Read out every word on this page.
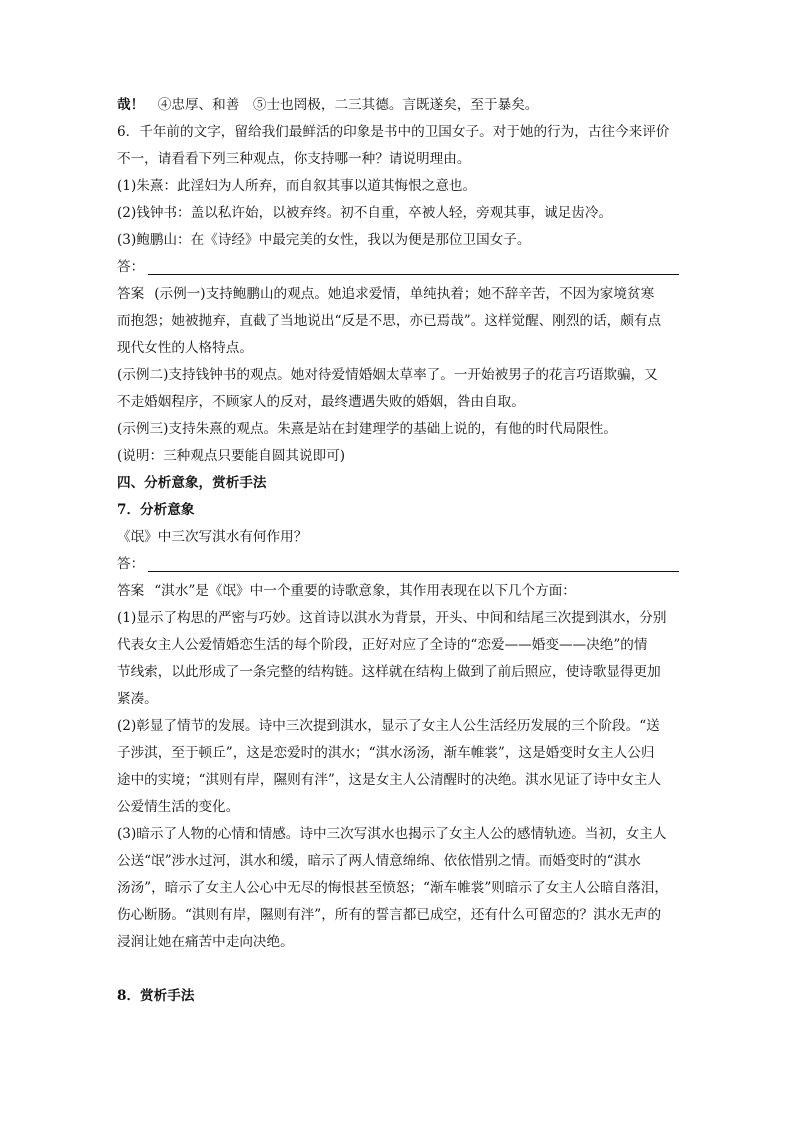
哉！　④忠厚、和善　⑤士也罔极，二三其德。言既遂矣，至于暴矣。
6．千年前的文字，留给我们最鲜活的印象是书中的卫国女子。对于她的行为，古往今来评价
不一，请看看下列三种观点，你支持哪一种？请说明理由。
(1)朱熹：此淫妇为人所弃，而自叙其事以道其悔恨之意也。
(2)钱钟书：盖以私许始，以被弃终。初不自重，卒被人轻，旁观其事，诚足齿冷。
(3)鲍鹏山：在《诗经》中最完美的女性，我以为便是那位卫国女子。
答：
答案 (示例一)支持鲍鹏山的观点。她追求爱情，单纯执着；她不辞辛苦，不因为家境贫寒
而抱怨；她被抛弃，直截了当地说出“反是不思，亦已焉哉”。这样觉醒、刚烈的话，颇有点
现代女性的人格特点。
(示例二)支持钱钟书的观点。她对待爱情婚姻太草率了。一开始被男子的花言巧语欺骗，又
不走婚姻程序，不顾家人的反对，最终遭遇失败的婚姻，咎由自取。
(示例三)支持朱熹的观点。朱熹是站在封建理学的基础上说的，有他的时代局限性。
(说明：三种观点只要能自圆其说即可)
四、分析意象，赏析手法
7．分析意象
《氓》中三次写淇水有何作用？
答：
答案 “淇水”是《氓》中一个重要的诗歌意象，其作用表现在以下几个方面：
(1)显示了构思的严密与巧妙。这首诗以淇水为背景，开头、中间和结尾三次提到淇水，分别
代表女主人公爱情婚恋生活的每个阶段，正好对应了全诗的“恋爱——婚变——决绝”的情
节线索，以此形成了一条完整的结构链。这样就在结构上做到了前后照应，使诗歌显得更加
紧凑。
(2)彰显了情节的发展。诗中三次提到淇水，显示了女主人公生活经历发展的三个阶段。“送
子涉淇，至于顿丘”，这是恋爱时的淇水；“淇水汤汤，渐车帷裳”，这是婚变时女主人公归
途中的实境；“淇则有岸，隰则有泮”，这是女主人公清醒时的决绝。淇水见证了诗中女主人
公爱情生活的变化。
(3)暗示了人物的心情和情感。诗中三次写淇水也揭示了女主人公的感情轨迹。当初，女主人
公送“氓”涉水过河，淇水和缓，暗示了两人情意绵绵、依依惜别之情。而婚变时的“淇水
汤汤”，暗示了女主人公心中无尽的悔恨甚至愤怒；“渐车帷裳”则暗示了女主人公暗自落泪，
伤心断肠。“淇则有岸，隰则有泮”，所有的誓言都已成空，还有什么可留恋的？淇水无声的
浸润让她在痛苦中走向决绝。
8．赏析手法
